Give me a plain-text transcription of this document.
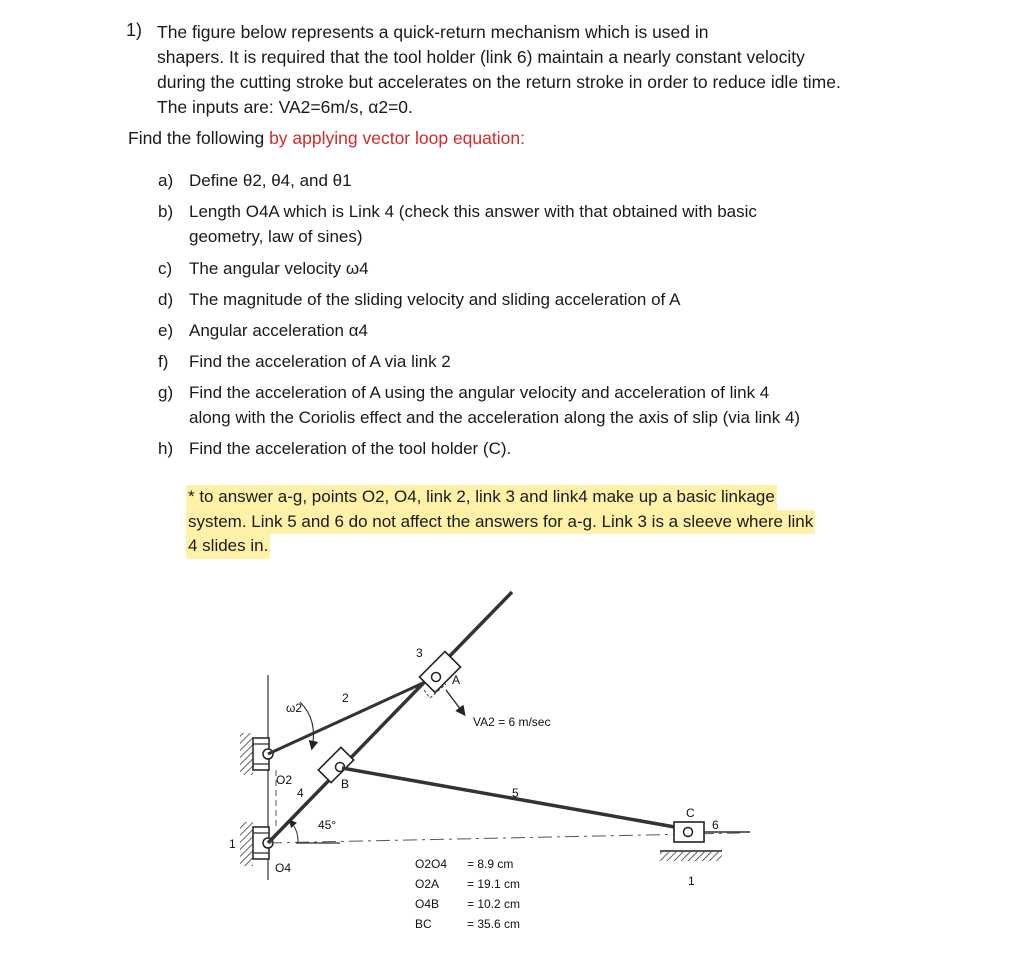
1) The figure below represents a quick-return mechanism which is used in
shapers. It is required that the tool holder (link 6) maintain a nearly constant velocity
during the cutting stroke but accelerates on the return stroke in order to reduce idle time.
The inputs are: VA2=6m/s, α2=0.
Find the following by applying vector loop equation:
a) Define θ2, θ4, and θ1
b) Length O4A which is Link 4 (check this answer with that obtained with basic
geometry, law of sines)
c) The angular velocity ω4
d) The magnitude of the sliding velocity and sliding acceleration of A
e) Angular acceleration α4
f)	Find the acceleration of A via link 2
g) Find the acceleration of A using the angular velocity and acceleration of link 4
along with the Coriolis effect and the acceleration along the axis of slip (via link 4)
h) Find the acceleration of the tool holder (C).
* to answer a-g, points O2, O4, link 2, link 3 and link4 make up a basic linkage
system. Link 5 and 6 do not affect the answers for a-g. Link 3 is a sleeve where link
4 slides in.
3
A
ω2
2
VA2 = 6 m/sec
O2
4
B
5
C
6
45°
1
O4
1
O2O4 = 8.9 cm
O2A = 19.1 cm
O4B = 10.2 cm
BC	= 35.6 cm
